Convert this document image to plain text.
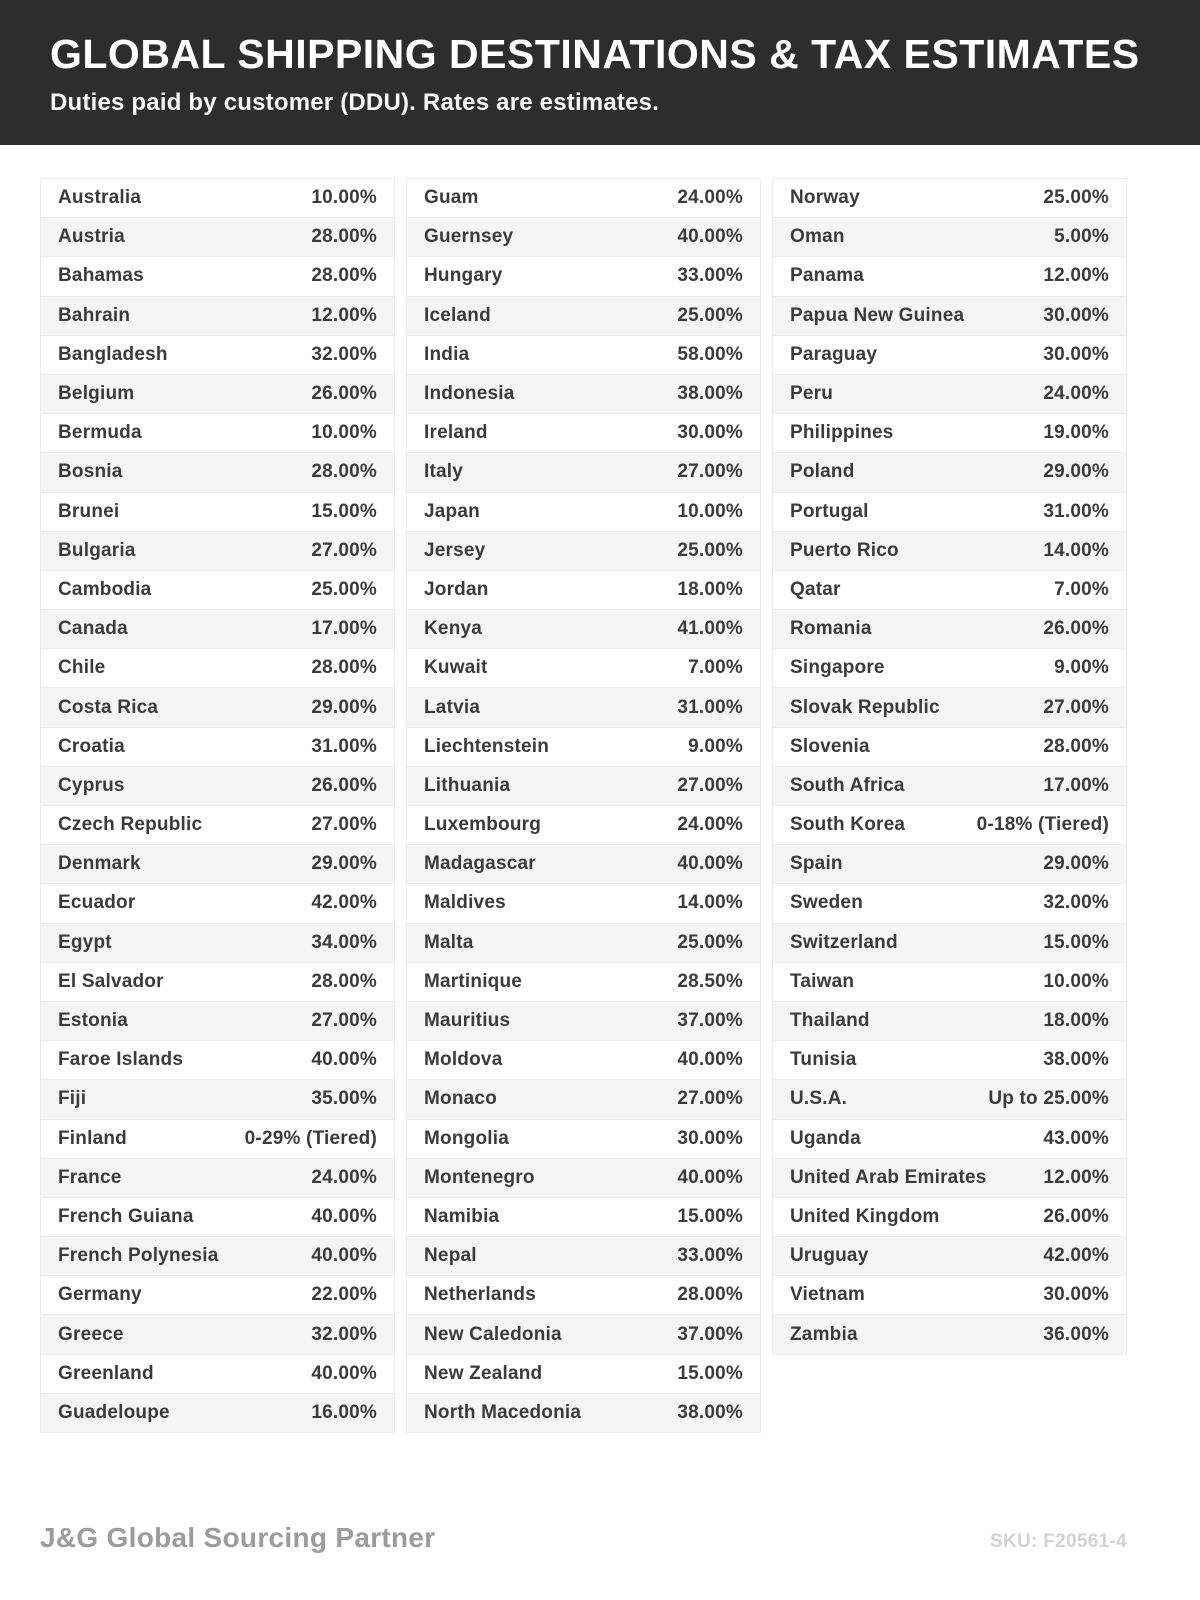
GLOBAL SHIPPING DESTINATIONS & TAX ESTIMATES
Duties paid by customer (DDU). Rates are estimates.
Australia	10.00%
Austria	28.00%
Bahamas	28.00%
Bahrain	12.00%
Bangladesh	32.00%
Belgium	26.00%
Bermuda	10.00%
Bosnia	28.00%
Brunei	15.00%
Bulgaria	27.00%
Cambodia	25.00%
Canada	17.00%
Chile	28.00%
Costa Rica	29.00%
Croatia	31.00%
Cyprus	26.00%
Czech Republic	27.00%
Denmark	29.00%
Ecuador	42.00%
Egypt	34.00%
El Salvador	28.00%
Estonia	27.00%
Faroe Islands	40.00%
Fiji	35.00%
Finland	0-29% (Tiered)
France	24.00%
French Guiana	40.00%
French Polynesia	40.00%
Germany	22.00%
Greece	32.00%
Greenland	40.00%
Guadeloupe	16.00%
Guam	24.00%
Guernsey	40.00%
Hungary	33.00%
Iceland	25.00%
India	58.00%
Indonesia	38.00%
Ireland	30.00%
Italy	27.00%
Japan	10.00%
Jersey	25.00%
Jordan	18.00%
Kenya	41.00%
Kuwait	7.00%
Latvia	31.00%
Liechtenstein	9.00%
Lithuania	27.00%
Luxembourg	24.00%
Madagascar	40.00%
Maldives	14.00%
Malta	25.00%
Martinique	28.50%
Mauritius	37.00%
Moldova	40.00%
Monaco	27.00%
Mongolia	30.00%
Montenegro	40.00%
Namibia	15.00%
Nepal	33.00%
Netherlands	28.00%
New Caledonia	37.00%
New Zealand	15.00%
North Macedonia	38.00%
Norway	25.00%
Oman	5.00%
Panama	12.00%
Papua New Guinea	30.00%
Paraguay	30.00%
Peru	24.00%
Philippines	19.00%
Poland	29.00%
Portugal	31.00%
Puerto Rico	14.00%
Qatar	7.00%
Romania	26.00%
Singapore	9.00%
Slovak Republic	27.00%
Slovenia	28.00%
South Africa	17.00%
South Korea	0-18% (Tiered)
Spain	29.00%
Sweden	32.00%
Switzerland	15.00%
Taiwan	10.00%
Thailand	18.00%
Tunisia	38.00%
U.S.A.	Up to 25.00%
Uganda	43.00%
United Arab Emirates	12.00%
United Kingdom	26.00%
Uruguay	42.00%
Vietnam	30.00%
Zambia	36.00%
J&G Global Sourcing Partner	SKU: F20561-4
